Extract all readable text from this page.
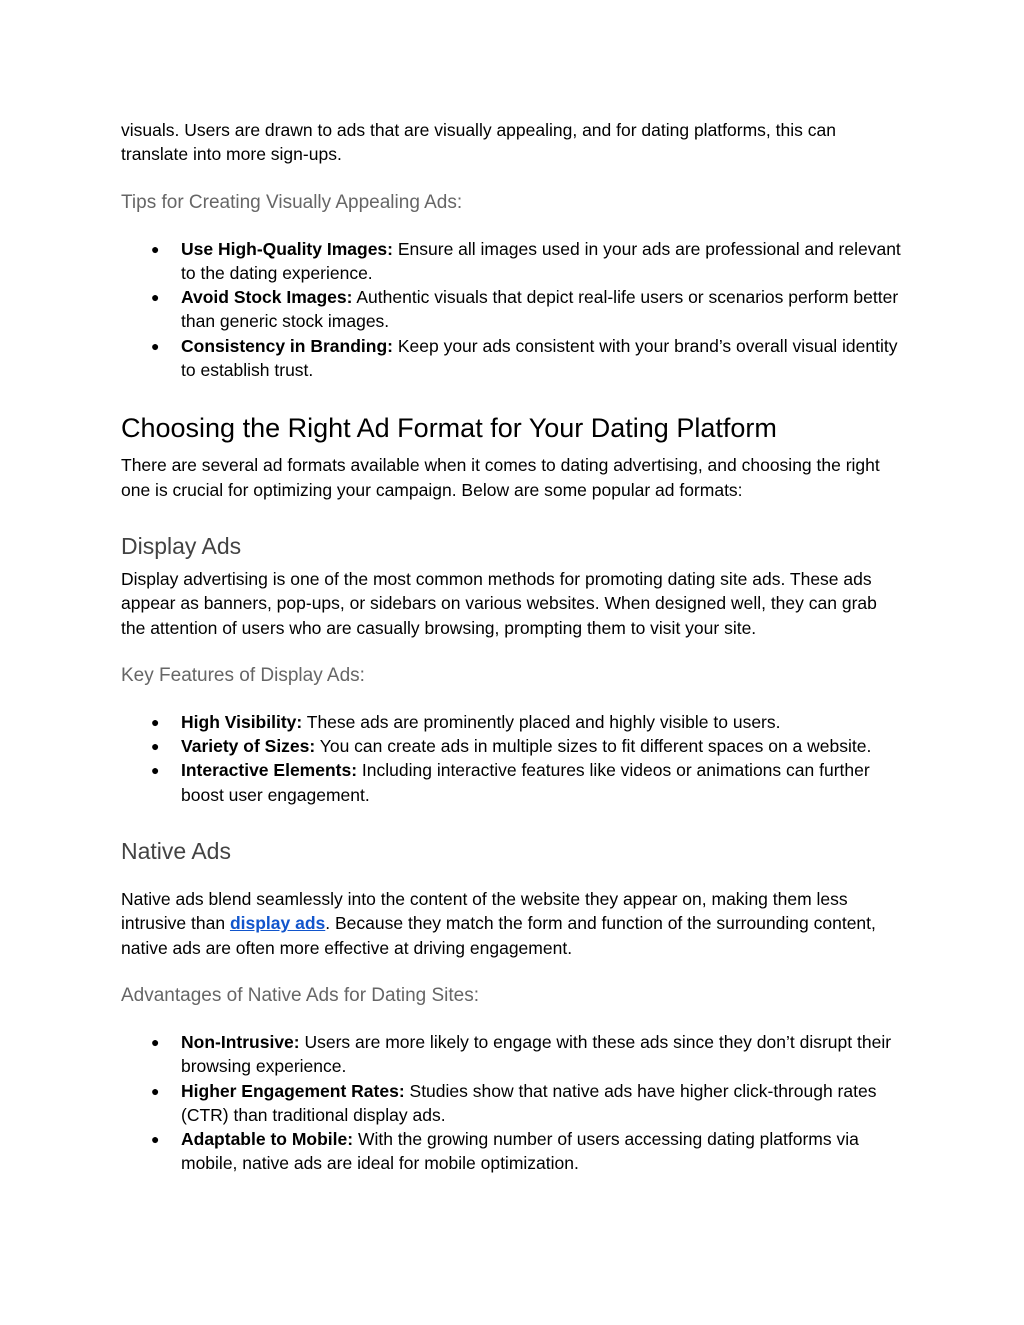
visuals. Users are drawn to ads that are visually appealing, and for dating platforms, this can
translate into more sign-ups.

Tips for Creating Visually Appealing Ads:
●	Use High-Quality Images: Ensure all images used in your ads are professional and relevant to the dating experience.
●	Avoid Stock Images: Authentic visuals that depict real-life users or scenarios perform better than generic stock images.
●	Consistency in Branding: Keep your ads consistent with your brand’s overall visual identity to establish trust.
Choosing the Right Ad Format for Your Dating Platform

There are several ad formats available when it comes to dating advertising, and choosing the right one is crucial for optimizing your campaign. Below are some popular ad formats:

Display Ads

Display advertising is one of the most common methods for promoting dating site ads. These ads appear as banners, pop-ups, or sidebars on various websites. When designed well, they can grab the attention of users who are casually browsing, prompting them to visit your site.

Key Features of Display Ads:
●	High Visibility: These ads are prominently placed and highly visible to users.
●	Variety of Sizes: You can create ads in multiple sizes to fit different spaces on a website.
●	Interactive Elements: Including interactive features like videos or animations can further boost user engagement.
Native Ads

Native ads blend seamlessly into the content of the website they appear on, making them less intrusive than display ads. Because they match the form and function of the surrounding content, native ads are often more effective at driving engagement.

Advantages of Native Ads for Dating Sites:
●	Non-Intrusive: Users are more likely to engage with these ads since they don’t disrupt their browsing experience.
●	Higher Engagement Rates: Studies show that native ads have higher click-through rates (CTR) than traditional display ads.
●	Adaptable to Mobile: With the growing number of users accessing dating platforms via mobile, native ads are ideal for mobile optimization.
